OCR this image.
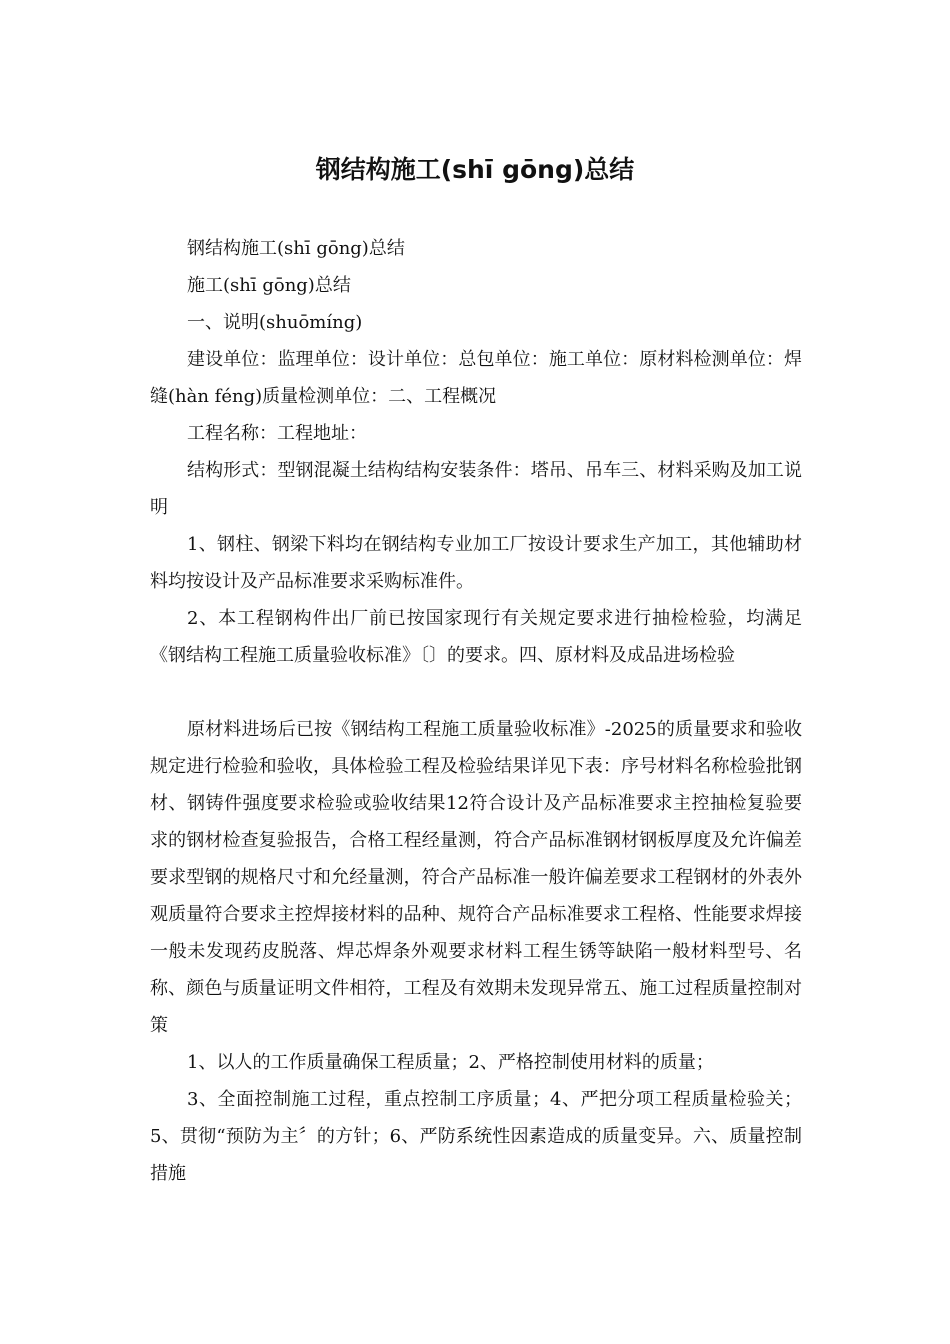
钢结构施工(shī gōng)总结

钢结构施工(shī gōng)总结

施工(shī gōng)总结

一、说明(shuōmíng)

建设单位：监理单位：设计单位：总包单位：施工单位：原材料检测单位：焊缝(hàn féng)质量检测单位：二、工程概况

工程名称：工程地址：

结构形式：型钢混凝土结构结构安装条件：塔吊、吊车三、材料采购及加工说明

1、钢柱、钢梁下料均在钢结构专业加工厂按设计要求生产加工，其他辅助材料均按设计及产品标准要求采购标准件。

2、本工程钢构件出厂前已按国家现行有关规定要求进行抽检检验，均满足《钢结构工程施工质量验收标准》〔〕的要求。四、原材料及成品进场检验

原材料进场后已按《钢结构工程施工质量验收标准》-2025的质量要求和验收规定进行检验和验收，具体检验工程及检验结果详见下表：序号材料名称检验批钢材、钢铸件强度要求检验或验收结果12符合设计及产品标准要求主控抽检复验要求的钢材检查复验报告，合格工程经量测，符合产品标准钢材钢板厚度及允许偏差要求型钢的规格尺寸和允经量测，符合产品标准一般许偏差要求工程钢材的外表外观质量符合要求主控焊接材料的品种、规符合产品标准要求工程格、性能要求焊接一般未发现药皮脱落、焊芯焊条外观要求材料工程生锈等缺陷一般材料型号、名称、颜色与质量证明文件相符，工程及有效期未发现异常五、施工过程质量控制对策

1、以人的工作质量确保工程质量；2、严格控制使用材料的质量；

3、全面控制施工过程，重点控制工序质量；4、严把分项工程质量检验关；5、贯彻“预防为主〞的方针；6、严防系统性因素造成的质量变异。六、质量控制措施
